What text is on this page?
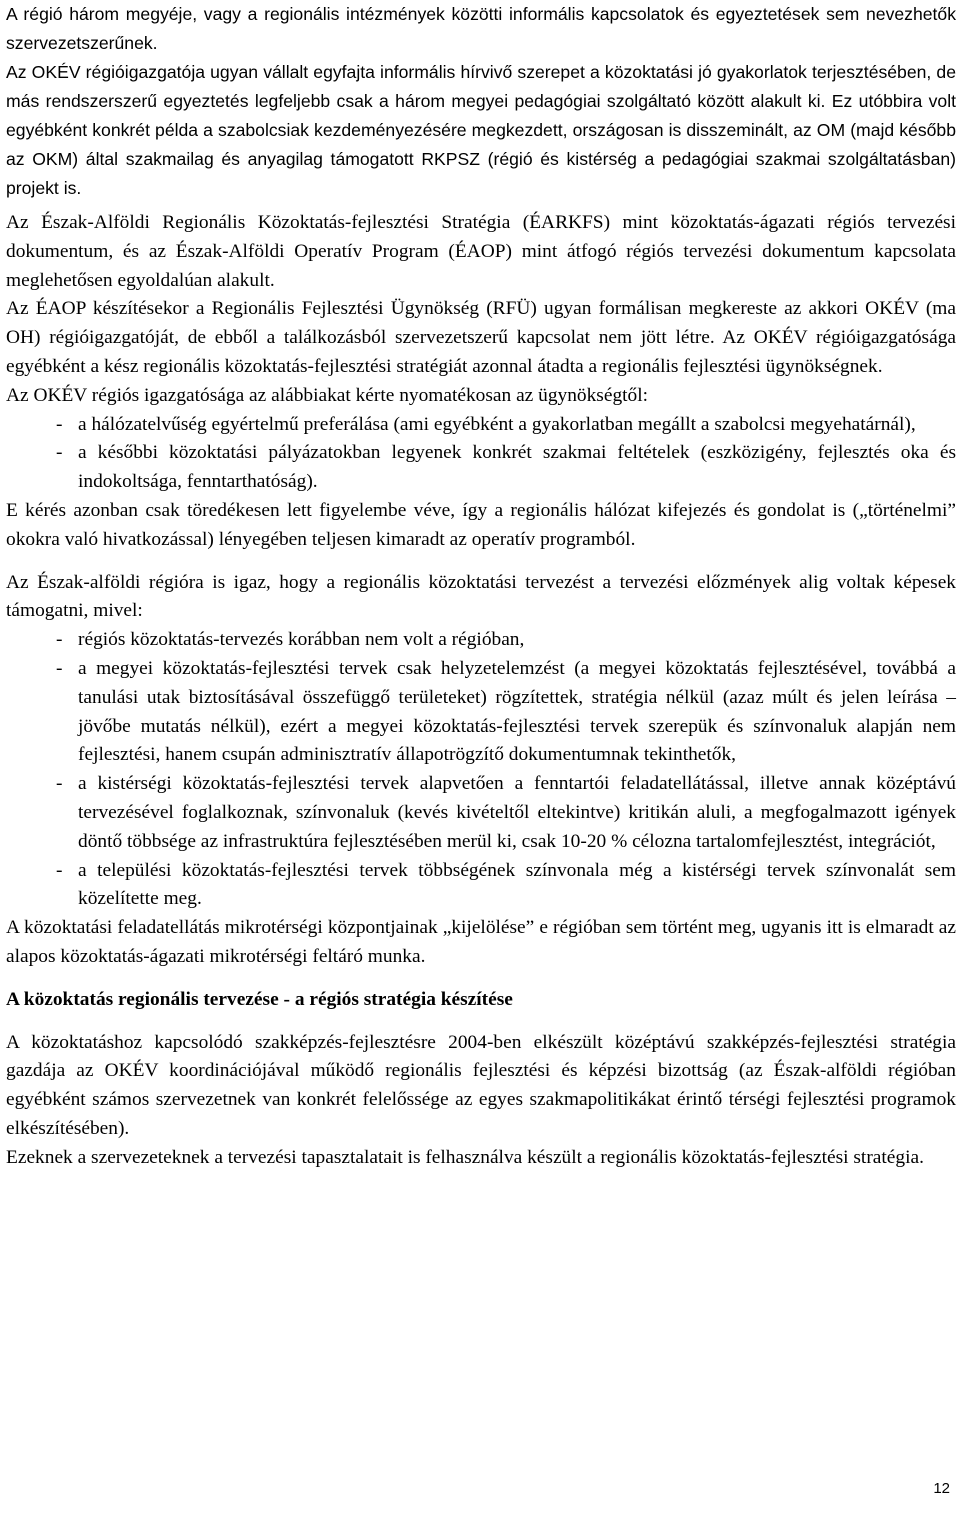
A régió három megyéje, vagy a regionális intézmények közötti informális kapcsolatok és egyeztetések sem nevezhetők szervezetszerűnek.

Az OKÉV régióigazgatója ugyan vállalt egyfajta informális hírvivő szerepet a közoktatási jó gyakorlatok terjesztésében, de más rendszerszerű egyeztetés legfeljebb csak a három megyei pedagógiai szolgáltató között alakult ki. Ez utóbbira volt egyébként konkrét példa a szabolcsiak kezdeményezésére megkezdett, országosan is disszeminált, az OM (majd később az OKM) által szakmailag és anyagilag támogatott RKPSZ (régió és kistérség a pedagógiai szakmai szolgáltatásban) projekt is.

Az Észak-Alföldi Regionális Közoktatás-fejlesztési Stratégia (ÉARKFS) mint közoktatás-ágazati régiós tervezési dokumentum, és az Észak-Alföldi Operatív Program (ÉAOP) mint átfogó régiós tervezési dokumentum kapcsolata meglehetősen egyoldalúan alakult.

Az ÉAOP készítésekor a Regionális Fejlesztési Ügynökség (RFÜ) ugyan formálisan megkereste az akkori OKÉV (ma OH) régióigazgatóját, de ebből a találkozásból szervezetszerű kapcsolat nem jött létre. Az OKÉV régióigazgatósága egyébként a kész regionális közoktatás-fejlesztési stratégiát azonnal átadta a regionális fejlesztési ügynökségnek.

Az OKÉV régiós igazgatósága az alábbiakat kérte nyomatékosan az ügynökségtől:

- a hálózatelvűség egyértelmű preferálása (ami egyébként a gyakorlatban megállt a szabolcsi megyehatárnál),
- a későbbi közoktatási pályázatokban legyenek konkrét szakmai feltételek (eszközigény, fejlesztés oka és indokoltsága, fenntarthatóság).

E kérés azonban csak töredékesen lett figyelembe véve, így a regionális hálózat kifejezés és gondolat is („történelmi” okokra való hivatkozással) lényegében teljesen kimaradt az operatív programból.

Az Észak-alföldi régióra is igaz, hogy a regionális közoktatási tervezést a tervezési előzmények alig voltak képesek támogatni, mivel:

- régiós közoktatás-tervezés korábban nem volt a régióban,
- a megyei közoktatás-fejlesztési tervek csak helyzetelemzést (a megyei közoktatás fejlesztésével, továbbá a tanulási utak biztosításával összefüggő területeket) rögzítettek, stratégia nélkül (azaz múlt és jelen leírása – jövőbe mutatás nélkül), ezért a megyei közoktatás-fejlesztési tervek szerepük és színvonaluk alapján nem fejlesztési, hanem csupán adminisztratív állapotrögzítő dokumentumnak tekinthetők,
- a kistérségi közoktatás-fejlesztési tervek alapvetően a fenntartói feladatellátással, illetve annak középtávú tervezésével foglalkoznak, színvonaluk (kevés kivételtől eltekintve) kritikán aluli, a megfogalmazott igények döntő többsége az infrastruktúra fejlesztésében merül ki, csak 10-20 % célozna tartalomfejlesztést, integrációt,
- a települési közoktatás-fejlesztési tervek többségének színvonala még a kistérségi tervek színvonalát sem közelítette meg.

A közoktatási feladatellátás mikrotérségi központjainak „kijelölése” e régióban sem történt meg, ugyanis itt is elmaradt az alapos közoktatás-ágazati mikrotérségi feltáró munka.

A közoktatás regionális tervezése - a régiós stratégia készítése

A közoktatáshoz kapcsolódó szakképzés-fejlesztésre 2004-ben elkészült középtávú szakképzés-fejlesztési stratégia gazdája az OKÉV koordinációjával működő regionális fejlesztési és képzési bizottság (az Észak-alföldi régióban egyébként számos szervezetnek van konkrét felelőssége az egyes szakmapolitikákat érintő térségi fejlesztési programok elkészítésében).

Ezeknek a szervezeteknek a tervezési tapasztalatait is felhasználva készült a regionális közoktatás-fejlesztési stratégia.

12
